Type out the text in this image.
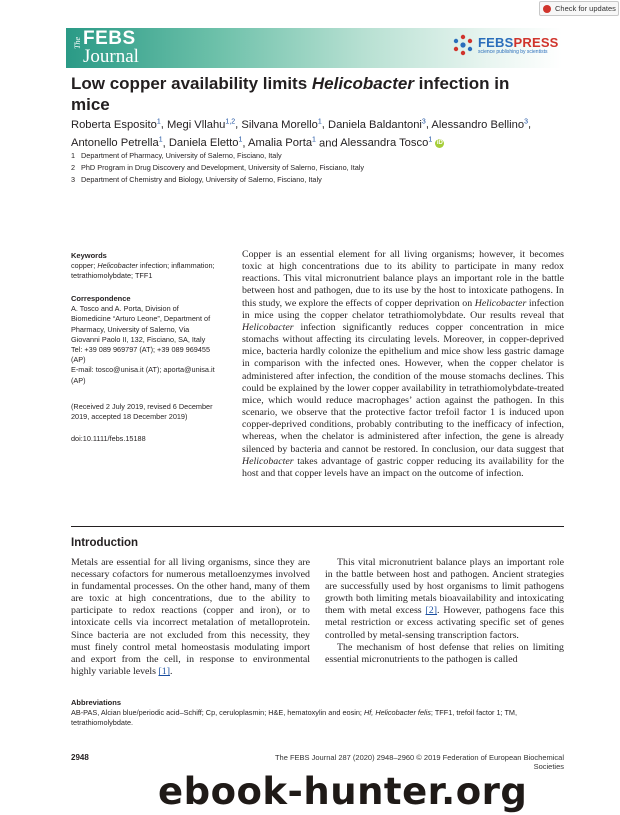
Check for updates
The FEBS
Journal
FEBSPRESS
science publishing by scientists
Low copper availability limits Helicobacter infection in mice
Roberta Esposito$^1$, Megi Vllahu$^{1,2}$, Silvana Morello$^1$, Daniela Baldantoni$^3$, Alessandro Bellino$^3$,
Antonello Petrella$^1$, Daniela Eletto$^1$, Amalia Porta$^1$ and Alessandra Tosco$^1$ iD
1 Department of Pharmacy, University of Salerno, Fisciano, Italy
2 PhD Program in Drug Discovery and Development, University of Salerno, Fisciano, Italy
3 Department of Chemistry and Biology, University of Salerno, Fisciano, Italy
Keywords
copper; Helicobacter infection; inflammation;
tetrathiomolybdate; TFF1
Correspondence
A. Tosco and A. Porta, Division of
Biomedicine “Arturo Leone”, Department of
Pharmacy, University of Salerno, Via
Giovanni Paolo II, 132, Fisciano, SA, Italy
Tel: +39 089 969797 (AT); +39 089 969455
(AP)
E-mail: tosco@unisa.it (AT); aporta@unisa.it
(AP)
(Received 2 July 2019, revised 6 December
2019, accepted 18 December 2019)
doi:10.1111/febs.15188
Copper is an essential element for all living organisms; however, it becomes toxic at high concentrations due to its ability to participate in many redox reactions. This vital micronutrient balance plays an important role in the battle between host and pathogen, due to its use by the host to intoxicate pathogens. In this study, we explore the effects of copper deprivation on Helicobacter infection in mice using the copper chelator tetrathiomolybdate. Our results reveal that Helicobacter infection significantly reduces copper concentration in mice stomachs without affecting its circulating levels. Moreover, in copper-deprived mice, bacteria hardly colonize the epithelium and mice show less gastric damage in comparison with the infected ones. However, when the copper chelator is administered after infection, the condition of the mouse stomachs declines. This could be explained by the lower copper availability in tetrathiomolybdate-treated mice, which would reduce macrophages’ action against the pathogen. In this scenario, we observe that the protective factor trefoil factor 1 is induced upon copper-deprived conditions, probably contributing to the inefficacy of infection, whereas, when the chelator is administered after infection, the gene is already silenced by bacteria and cannot be restored. In conclusion, our data suggest that Helicobacter takes advantage of gastric copper reducing its availability for the host and that copper levels have an impact on the outcome of infection.
Introduction

Metals are essential for all living organisms, since they are necessary cofactors for numerous metalloenzymes involved in fundamental processes. On the other hand, many of them are toxic at high concentrations, due to the ability to participate to redox reactions (copper and iron), or to intoxicate cells via incorrect metalation of metalloprotein. Since bacteria are not excluded from this necessity, they must finely control metal homeostasis modulating import and export from the cell, in response to environmental highly variable levels [1].

This vital micronutrient balance plays an important role in the battle between host and pathogen. Ancient strategies are successfully used by host organisms to limit pathogens growth both limiting metals bioavailability and intoxicating them with metal excess [2]. However, pathogens face this metal restriction or excess activating specific set of genes controlled by metal-sensing transcription factors.

The mechanism of host defense that relies on limiting essential micronutrients to the pathogen is called

Abbreviations
AB-PAS, Alcian blue/periodic acid–Schiff; Cp, ceruloplasmin; H&E, hematoxylin and eosin; Hf, Helicobacter felis; TFF1, trefoil factor 1; TM, tetrathiomolybdate.
2948	The FEBS Journal 287 (2020) 2948–2960 © 2019 Federation of European Biochemical Societies
ebook-hunter.org
